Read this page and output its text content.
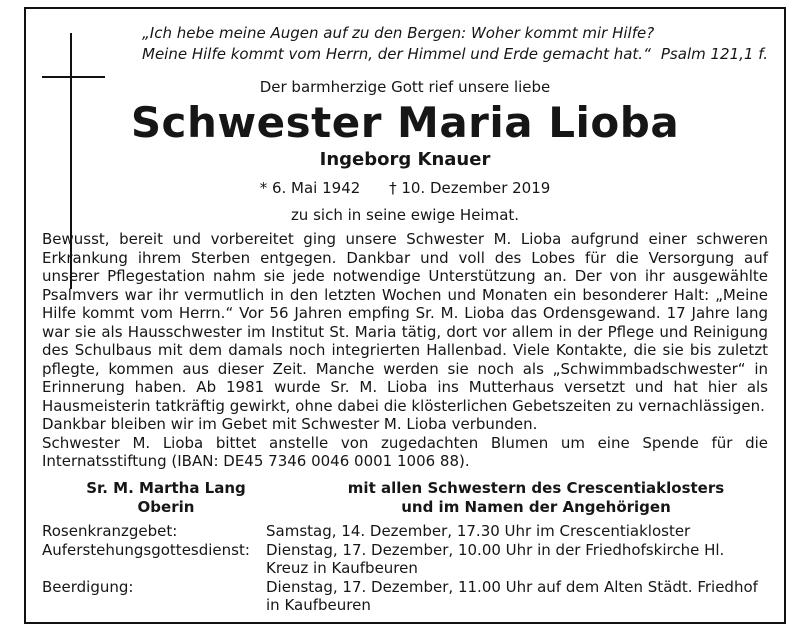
„Ich hebe meine Augen auf zu den Bergen: Woher kommt mir Hilfe?
Meine Hilfe kommt vom Herrn, der Himmel und Erde gemacht hat.“ Psalm 121,1 f.
Der barmherzige Gott rief unsere liebe
Schwester Maria Lioba
Ingeborg Knauer
* 6. Mai 1942 † 10. Dezember 2019
zu sich in seine ewige Heimat.

Bewusst, bereit und vorbereitet ging unsere Schwester M. Lioba aufgrund einer schweren Erkrankung ihrem Sterben entgegen. Dankbar und voll des Lobes für die Versorgung auf unserer Pflegestation nahm sie jede notwendige Unterstützung an. Der von ihr ausgewählte Psalmvers war ihr vermutlich in den letzten Wochen und Monaten ein besonderer Halt: „Meine Hilfe kommt vom Herrn.“ Vor 56 Jahren empfing Sr. M. Lioba das Ordensgewand. 17 Jahre lang war sie als Hausschwester im Institut St. Maria tätig, dort vor allem in der Pflege und Reinigung des Schulbaus mit dem damals noch integrierten Hallenbad. Viele Kontakte, die sie bis zuletzt pflegte, kommen aus dieser Zeit. Manche werden sie noch als „Schwimmbadschwester“ in Erinnerung haben. Ab 1981 wurde Sr. M. Lioba ins Mutterhaus versetzt und hat hier als Hausmeisterin tatkräftig gewirkt, ohne dabei die klösterlichen Gebetszeiten zu vernachlässigen.

Dankbar bleiben wir im Gebet mit Schwester M. Lioba verbunden.

Schwester M. Lioba bittet anstelle von zugedachten Blumen um eine Spende für die Internatsstiftung (IBAN: DE45 7346 0046 0001 1006 88).

Sr. M. Martha Lang
Oberin
mit allen Schwestern des Crescentiaklosters
und im Namen der Angehörigen
Rosenkranzgebet:	Samstag, 14. Dezember, 17.30 Uhr im Crescentiakloster
Auferstehungsgottesdienst:	Dienstag, 17. Dezember, 10.00 Uhr in der Friedhofskirche Hl. Kreuz in Kaufbeuren
Beerdigung:	Dienstag, 17. Dezember, 11.00 Uhr auf dem Alten Städt. Friedhof in Kaufbeuren
